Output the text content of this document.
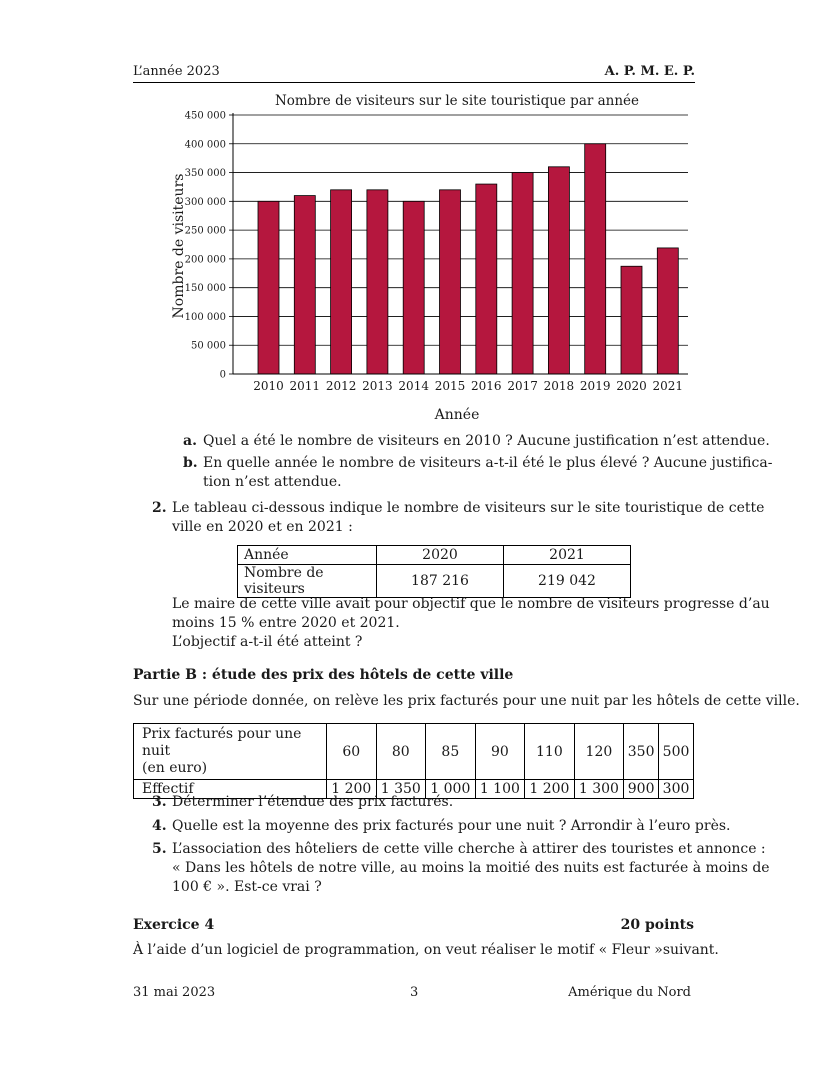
L’année 2023	A. P. M. E. P.
Nombre de visiteurs sur le site touristique par année
Nombre de visiteurs
Année
0
50 000
100 000
150 000
200 000
250 000
300 000
350 000
400 000
450 000
2010 2011 2012 2013 2014 2015 2016 2017 2018 2019 2020 2021
a. Quel a été le nombre de visiteurs en 2010 ? Aucune justification n’est attendue.
b. En quelle année le nombre de visiteurs a-t-il été le plus élevé ? Aucune justifica-
tion n’est attendue.
2. Le tableau ci-dessous indique le nombre de visiteurs sur le site touristique de cette
ville en 2020 et en 2021 :
Année	2020	2021
Nombre de visiteurs	187 216	219 042
Le maire de cette ville avait pour objectif que le nombre de visiteurs progresse d’au
moins 15 % entre 2020 et 2021.
L’objectif a-t-il été atteint ?
Partie B : étude des prix des hôtels de cette ville
Sur une période donnée, on relève les prix facturés pour une nuit par les hôtels de cette ville.
Prix facturés pour une nuit
(en euro)	60	80	85	90	110	120	350	500
Effectif	1 200	1 350	1 000	1 100	1 200	1 300	900	300
3. Déterminer l’étendue des prix facturés.
4. Quelle est la moyenne des prix facturés pour une nuit ? Arrondir à l’euro près.
5. L’association des hôteliers de cette ville cherche à attirer des touristes et annonce :
« Dans les hôtels de notre ville, au moins la moitié des nuits est facturée à moins de
100 € ». Est-ce vrai ?
Exercice 4	20 points
À l’aide d’un logiciel de programmation, on veut réaliser le motif « Fleur »suivant.
31 mai 2023	3	Amérique du Nord
